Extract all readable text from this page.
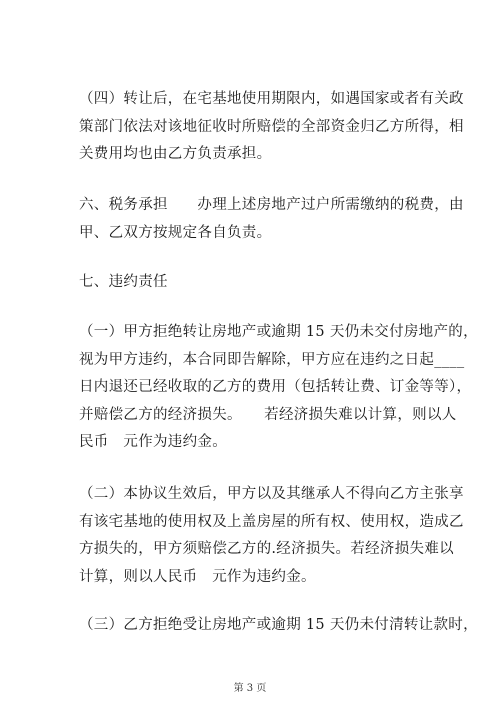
（四）转让后，在宅基地使用期限内，如遇国家或者有关政
策部门依法对该地征收时所赔偿的全部资金归乙方所得，相
关费用均也由乙方负责承担。
六、税务承担　　办理上述房地产过户所需缴纳的税费，由
甲、乙双方按规定各自负责。
七、违约责任
（一）甲方拒绝转让房地产或逾期 15 天仍未交付房地产的，
视为甲方违约，本合同即告解除，甲方应在违约之日起____
日内退还已经收取的乙方的费用（包括转让费、订金等等），
并赔偿乙方的经济损失。　　若经济损失难以计算，则以人
民币　元作为违约金。
（二）本协议生效后，甲方以及其继承人不得向乙方主张享
有该宅基地的使用权及上盖房屋的所有权、使用权，造成乙
方损失的，甲方须赔偿乙方的.经济损失。若经济损失难以
计算，则以人民币　元作为违约金。
（三）乙方拒绝受让房地产或逾期 15 天仍未付清转让款时，
第 3 页
